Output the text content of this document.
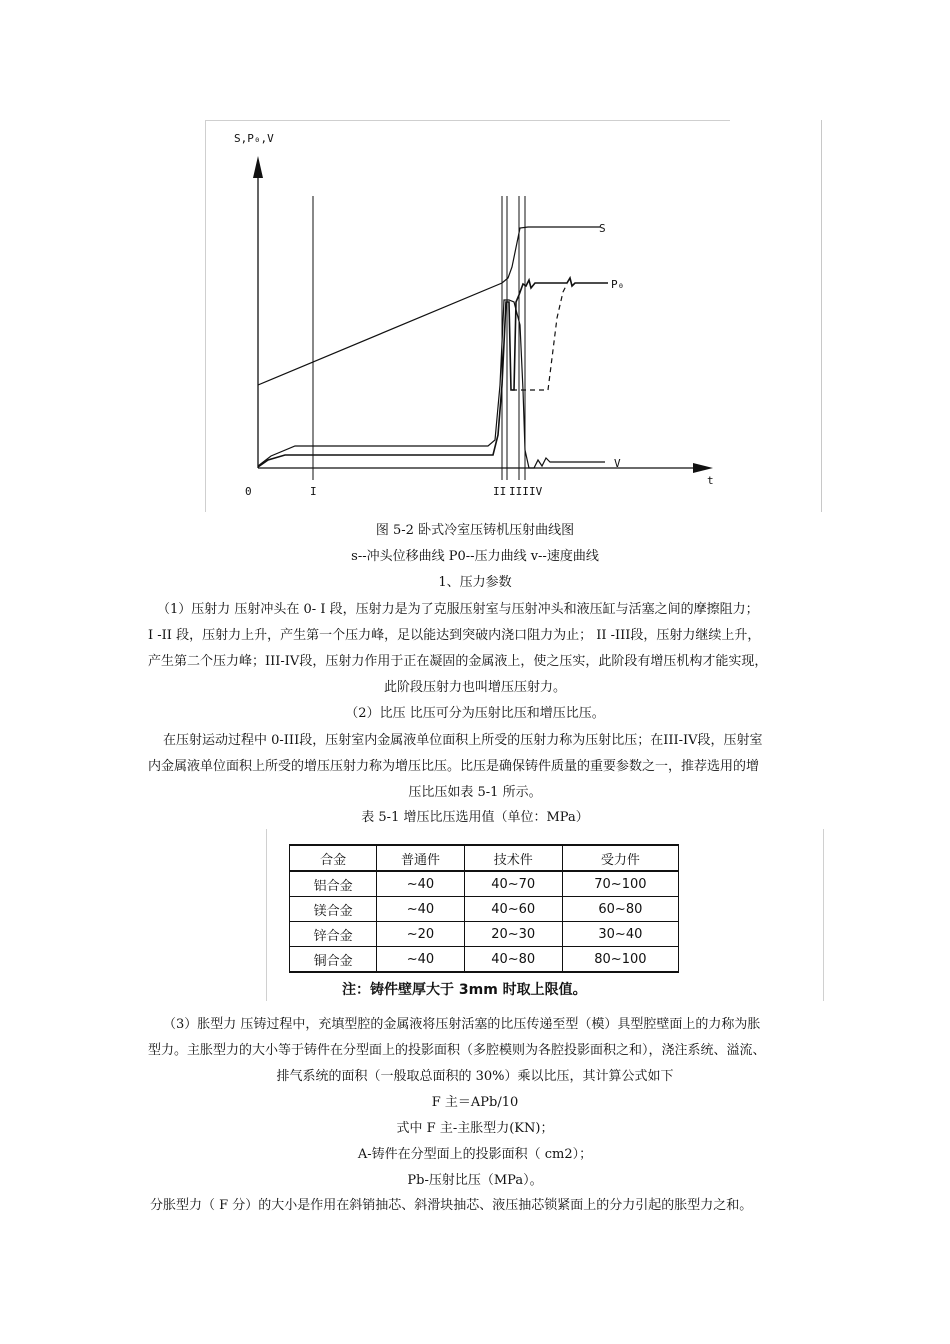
S,P₀,V
t
S
P₀
V
0	I	II III IV
图 5-2 卧式冷室压铸机压射曲线图
s--冲头位移曲线 P0--压力曲线 v--速度曲线
1、压力参数
（1）压射力 压射冲头在 0- I 段，压射力是为了克服压射室与压射冲头和液压缸与活塞之间的摩擦阻力；
I -II 段，压射力上升，产生第一个压力峰，足以能达到突破内浇口阻力为止； II -III段，压射力继续上升，
产生第二个压力峰；III-IV段，压射力作用于正在凝固的金属液上，使之压实，此阶段有增压机构才能实现，
此阶段压射力也叫增压压射力。
（2）比压 比压可分为压射比压和增压比压。
在压射运动过程中 0-III段，压射室内金属液单位面积上所受的压射力称为压射比压；在III-IV段，压射室
内金属液单位面积上所受的增压压射力称为增压比压。比压是确保铸件质量的重要参数之一，推荐选用的增
压比压如表 5-1 所示。
表 5-1 增压比压选用值（单位：MPa）
合金	普通件	技术件	受力件
铝合金	~40	40~70	70~100
镁合金	~40	40~60	60~80
锌合金	~20	20~30	30~40
铜合金	~40	40~80	80~100
注：铸件壁厚大于 3mm 时取上限值。
（3）胀型力 压铸过程中，充填型腔的金属液将压射活塞的比压传递至型（模）具型腔壁面上的力称为胀
型力。主胀型力的大小等于铸件在分型面上的投影面积（多腔模则为各腔投影面积之和），浇注系统、溢流、
排气系统的面积（一般取总面积的 30%）乘以比压，其计算公式如下
F 主＝APb/10
式中 F 主-主胀型力(KN)；
A-铸件在分型面上的投影面积（ cm2）；
Pb-压射比压（MPa）。
分胀型力（ F 分）的大小是作用在斜销抽芯、斜滑块抽芯、液压抽芯锁紧面上的分力引起的胀型力之和。
